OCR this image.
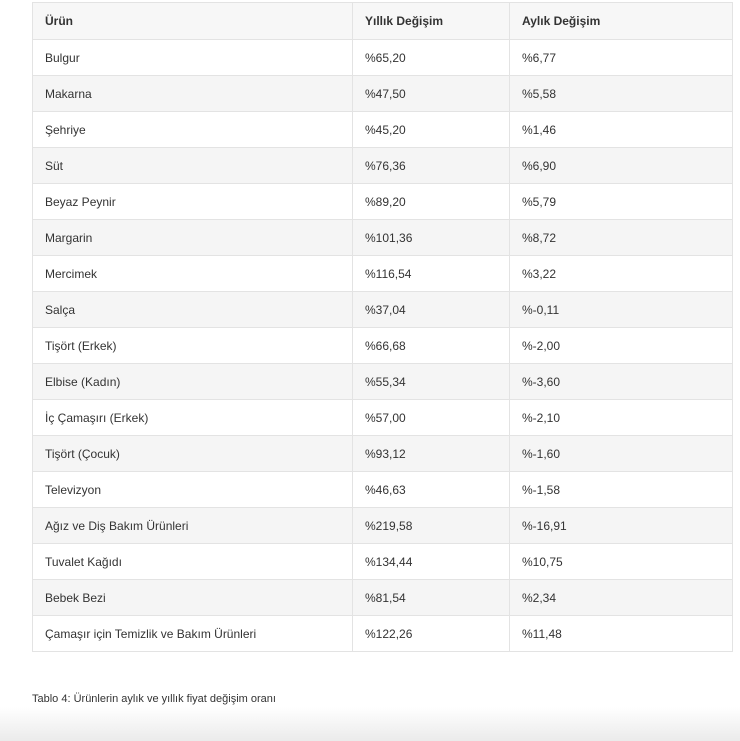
Ürün	Yıllık Değişim	Aylık Değişim
Bulgur	%65,20	%6,77
Makarna	%47,50	%5,58
Şehriye	%45,20	%1,46
Süt	%76,36	%6,90
Beyaz Peynir	%89,20	%5,79
Margarin	%101,36	%8,72
Mercimek	%116,54	%3,22
Salça	%37,04	%-0,11
Tişört (Erkek)	%66,68	%-2,00
Elbise (Kadın)	%55,34	%-3,60
İç Çamaşırı (Erkek)	%57,00	%-2,10
Tişört (Çocuk)	%93,12	%-1,60
Televizyon	%46,63	%-1,58
Ağız ve Diş Bakım Ürünleri	%219,58	%-16,91
Tuvalet Kağıdı	%134,44	%10,75
Bebek Bezi	%81,54	%2,34
Çamaşır için Temizlik ve Bakım Ürünleri	%122,26	%11,48
Tablo 4: Ürünlerin aylık ve yıllık fiyat değişim oranı
